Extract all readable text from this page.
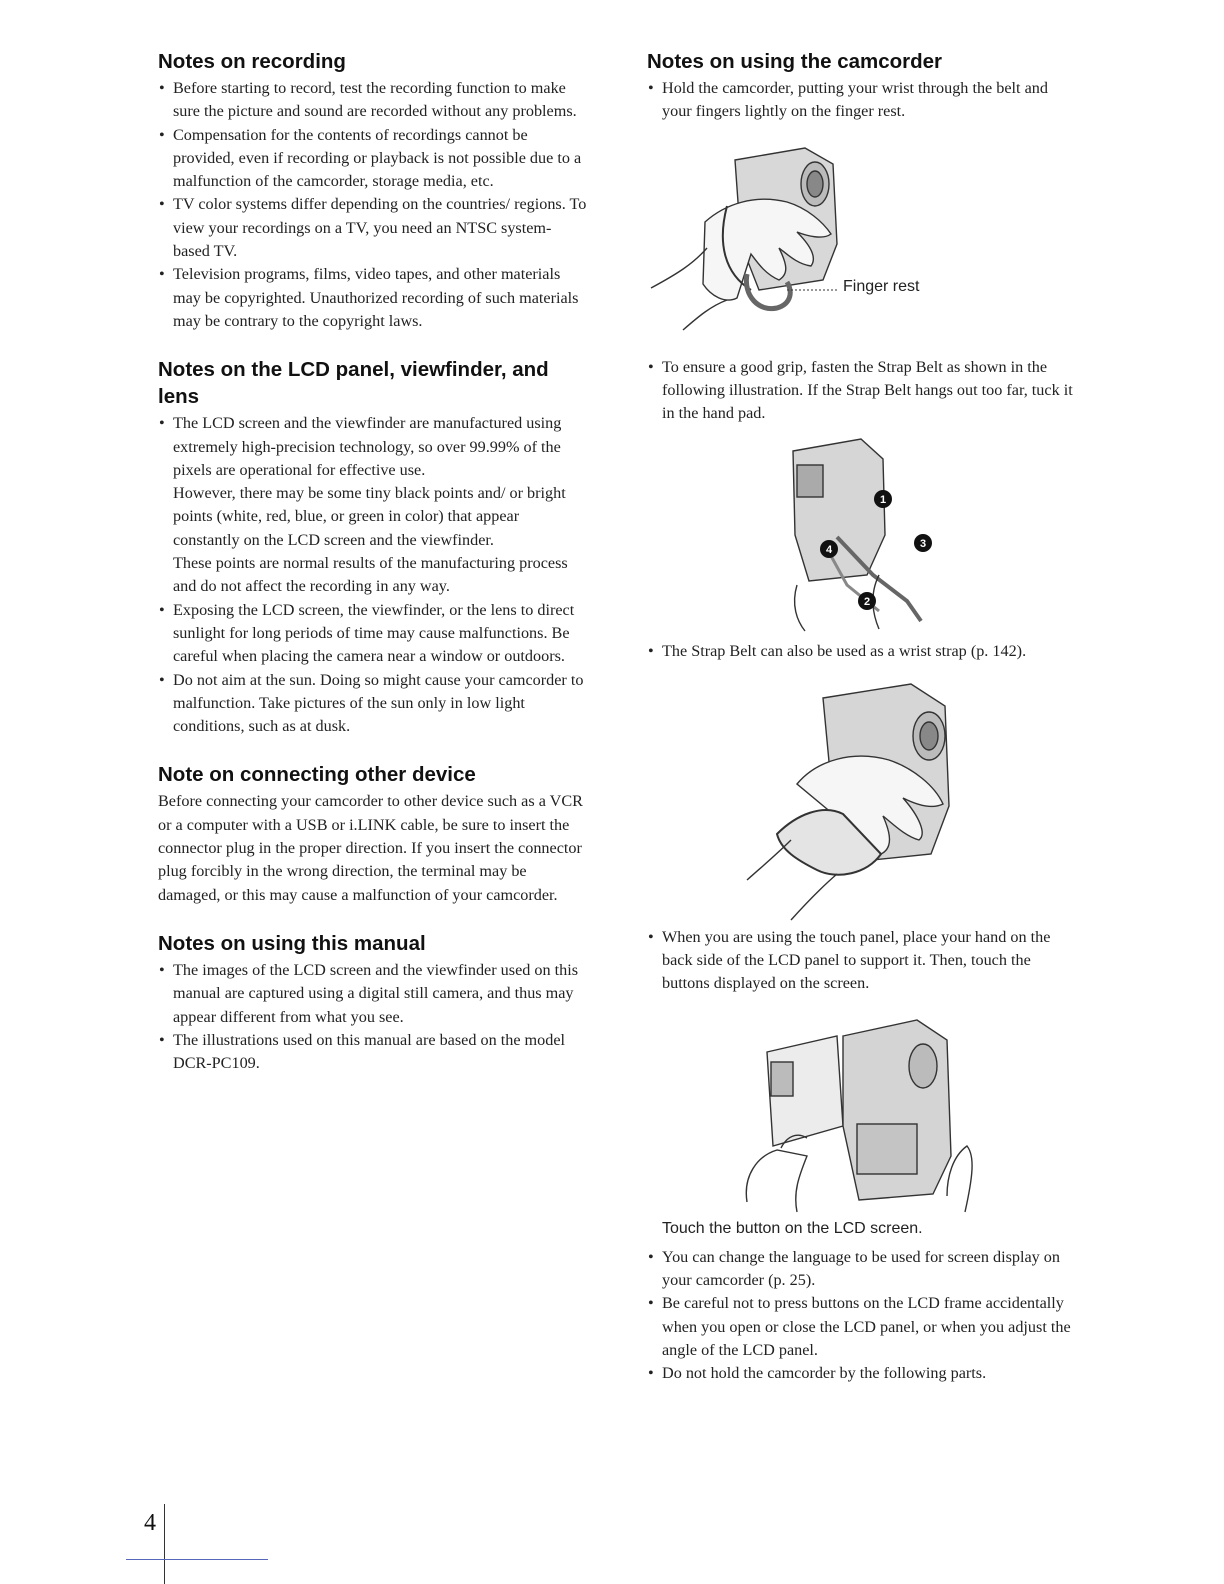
Notes on recording
• Before starting to record, test the recording function to make sure the picture and sound are recorded without any problems.
• Compensation for the contents of recordings cannot be provided, even if recording or playback is not possible due to a malfunction of the camcorder, storage media, etc.
• TV color systems differ depending on the countries/ regions. To view your recordings on a TV, you need an NTSC system-based TV.
• Television programs, films, video tapes, and other materials may be copyrighted. Unauthorized recording of such materials may be contrary to the copyright laws.
Notes on the LCD panel, viewfinder, and lens

• The LCD screen and the viewfinder are manufactured using extremely high-precision technology, so over 99.99% of the pixels are operational for effective use.

However, there may be some tiny black points and/ or bright points (white, red, blue, or green in color) that appear constantly on the LCD screen and the viewfinder.

These points are normal results of the manufacturing process and do not affect the recording in any way.

• Exposing the LCD screen, the viewfinder, or the lens to direct sunlight for long periods of time may cause malfunctions. Be careful when placing the camera near a window or outdoors.
• Do not aim at the sun. Doing so might cause your camcorder to malfunction. Take pictures of the sun only in low light conditions, such as at dusk.
Note on connecting other device

Before connecting your camcorder to other device such as a VCR or a computer with a USB or i.LINK cable, be sure to insert the connector plug in the proper direction. If you insert the connector plug forcibly in the wrong direction, the terminal may be damaged, or this may cause a malfunction of your camcorder.

Notes on using this manual
• The images of the LCD screen and the viewfinder used on this manual are captured using a digital still camera, and thus may appear different from what you see.
• The illustrations used on this manual are based on the model DCR-PC109.
Notes on using the camcorder
• Hold the camcorder, putting your wrist through the belt and your fingers lightly on the finger rest.
Finger rest
• To ensure a good grip, fasten the Strap Belt as shown in the following illustration. If the Strap Belt hangs out too far, tuck it in the hand pad.
1
2
3
4
• The Strap Belt can also be used as a wrist strap (p. 142).
• When you are using the touch panel, place your hand on the back side of the LCD panel to support it. Then, touch the buttons displayed on the screen.
Touch the button on the LCD screen.
• You can change the language to be used for screen display on your camcorder (p. 25).
• Be careful not to press buttons on the LCD frame accidentally when you open or close the LCD panel, or when you adjust the angle of the LCD panel.
• Do not hold the camcorder by the following parts.
4
